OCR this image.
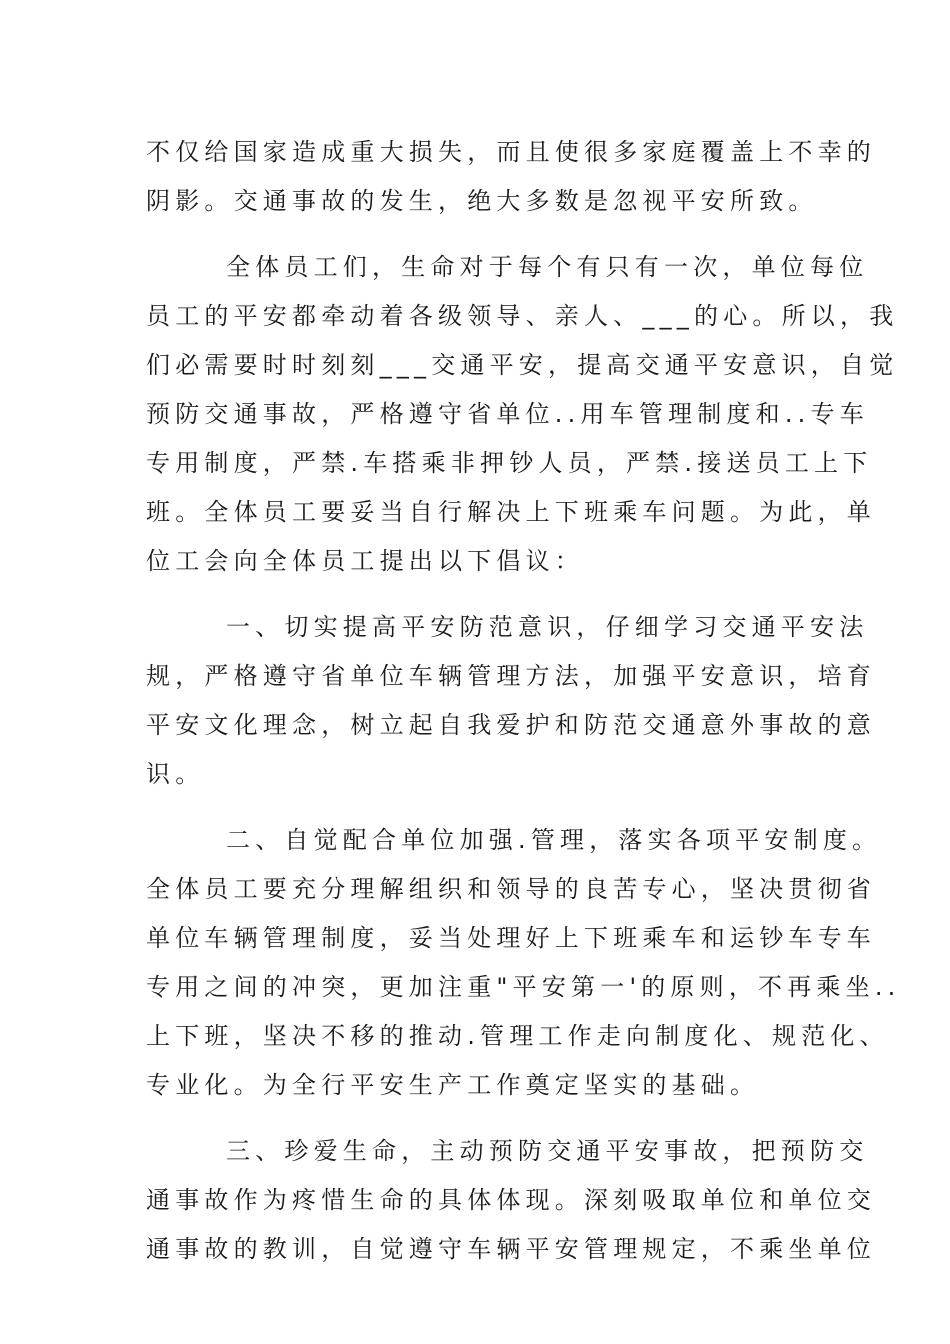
不仅给国家造成重大损失，而且使很多家庭覆盖上不幸的
阴影。交通事故的发生，绝大多数是忽视平安所致。
全体员工们，生命对于每个有只有一次，单位每位
员工的平安都牵动着各级领导、亲人、___的心。所以，我
们必需要时时刻刻___交通平安，提高交通平安意识，自觉
预防交通事故，严格遵守省单位..用车管理制度和..专车
专用制度，严禁.车搭乘非押钞人员，严禁.接送员工上下
班。全体员工要妥当自行解决上下班乘车问题。为此，单
位工会向全体员工提出以下倡议：
一、切实提高平安防范意识，仔细学习交通平安法
规，严格遵守省单位车辆管理方法，加强平安意识，培育
平安文化理念，树立起自我爱护和防范交通意外事故的意
识。
二、自觉配合单位加强.管理，落实各项平安制度。
全体员工要充分理解组织和领导的良苦专心，坚决贯彻省
单位车辆管理制度，妥当处理好上下班乘车和运钞车专车
专用之间的冲突，更加注重"平安第一'的原则，不再乘坐..
上下班，坚决不移的推动.管理工作走向制度化、规范化、
专业化。为全行平安生产工作奠定坚实的基础。
三、珍爱生命，主动预防交通平安事故，把预防交
通事故作为疼惜生命的具体体现。深刻吸取单位和单位交
通事故的教训，自觉遵守车辆平安管理规定，不乘坐单位
